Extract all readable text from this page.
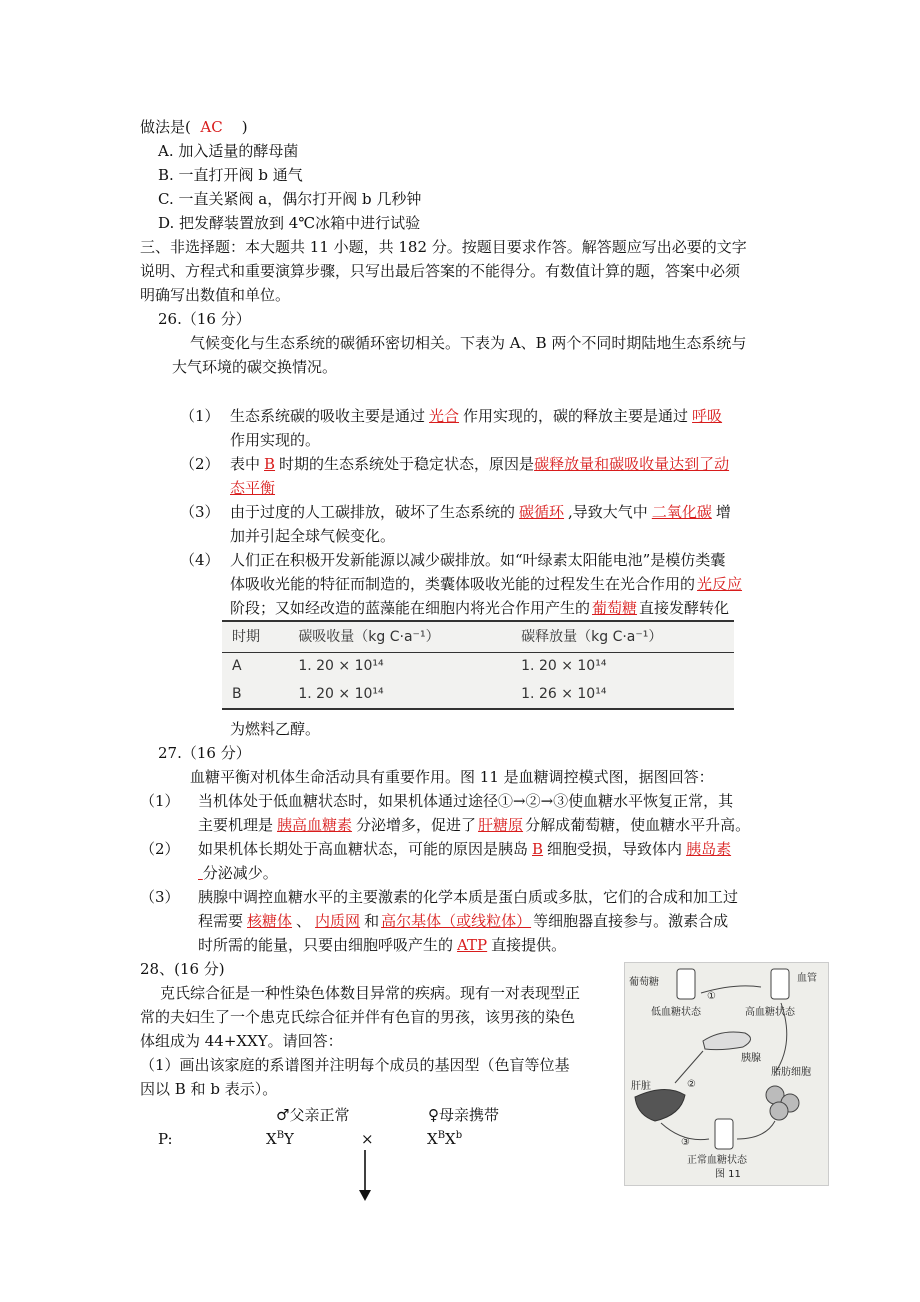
做法是( AC )
A. 加入适量的酵母菌
B. 一直打开阀 b 通气
C. 一直关紧阀 a，偶尔打开阀 b 几秒钟
D. 把发酵装置放到 4℃冰箱中进行试验
三、非选择题：本大题共 11 小题，共 182 分。按题目要求作答。解答题应写出必要的文字
说明、方程式和重要演算步骤，只写出最后答案的不能得分。有数值计算的题，答案中必须
明确写出数值和单位。
26.（16 分）
气候变化与生态系统的碳循环密切相关。下表为 A、B 两个不同时期陆地生态系统与
大气环境的碳交换情况。
（1） 生态系统碳的吸收主要是通过 光合 作用实现的，碳的释放主要是通过 呼吸
作用实现的。
（2） 表中 B 时期的生态系统处于稳定状态，原因是碳释放量和碳吸收量达到了动
态平衡
（3） 由于过度的人工碳排放，破坏了生态系统的 碳循环 ,导致大气中 二氧化碳 增
加并引起全球气候变化。
（4） 人们正在积极开发新能源以减少碳排放。如“叶绿素太阳能电池”是模仿类囊
体吸收光能的特征而制造的，类囊体吸收光能的过程发生在光合作用的 光反应
阶段；又如经改造的蓝藻能在细胞内将光合作用产生的 葡萄糖 直接发酵转化
时期	碳吸收量（kg C·a⁻¹）	碳释放量（kg C·a⁻¹）
A	1. 20 × 10¹⁴	1. 20 × 10¹⁴
B	1. 20 × 10¹⁴	1. 26 × 10¹⁴
为燃料乙醇。
27.（16 分）
血糖平衡对机体生命活动具有重要作用。图 11 是血糖调控模式图，据图回答：
（1） 当机体处于低血糖状态时，如果机体通过途径①→②→③使血糖水平恢复正常，其
主要机理是 胰高血糖素 分泌增多，促进了 肝糖原 分解成葡萄糖，使血糖水平升高。
（2） 如果机体长期处于高血糖状态，可能的原因是胰岛 B 细胞受损，导致体内 胰岛素
分泌减少。
（3） 胰腺中调控血糖水平的主要激素的化学本质是蛋白质或多肽，它们的合成和加工过
程需要 核糖体 、 内质网 和 高尔基体（或线粒体） 等细胞器直接参与。激素合成
时所需的能量，只要由细胞呼吸产生的 ATP 直接提供。
28、(16 分)
克氏综合征是一种性染色体数目异常的疾病。现有一对表现型正
常的夫妇生了一个患克氏综合征并伴有色盲的男孩，该男孩的染色
体组成为 44+XXY。请回答：
（1）画出该家庭的系谱图并注明每个成员的基因型（色盲等位基
因以 B 和 b 表示）。
♂父亲正常	♀母亲携带
P:	$X^BY$	×	$X^BX^b$
葡萄糖
低血糖状态
①
血管
高血糖状态
胰腺
肝脏	②
脂肪细胞
③
正常血糖状态
图 11
